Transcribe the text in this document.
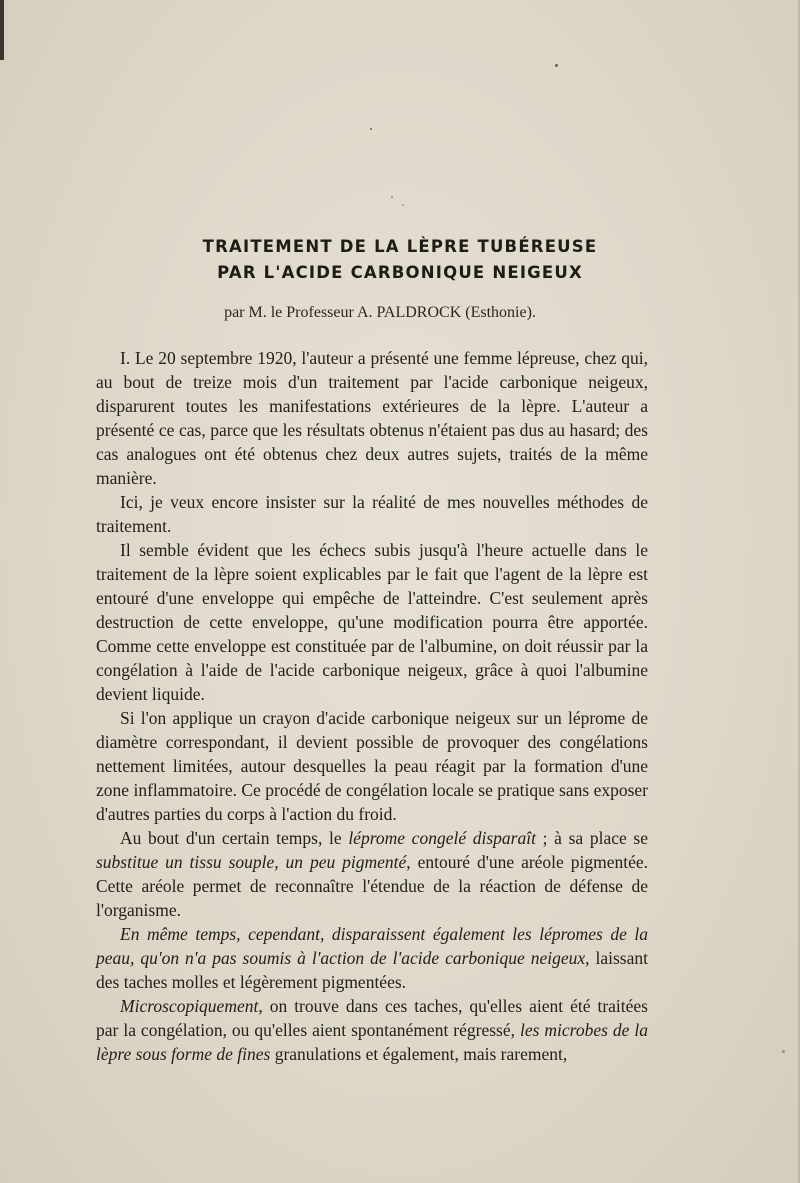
TRAITEMENT DE LA LÈPRE TUBÉREUSE
PAR L'ACIDE CARBONIQUE NEIGEUX
par M. le Professeur A. PALDROCK (Esthonie).

I. Le 20 septembre 1920, l'auteur a présenté une femme lépreuse, chez qui, au bout de treize mois d'un traitement par l'acide carbonique neigeux, disparurent toutes les manifestations extérieures de la lèpre. L'auteur a présenté ce cas, parce que les résultats obtenus n'étaient pas dus au hasard; des cas analogues ont été obtenus chez deux autres sujets, traités de la même manière.

Ici, je veux encore insister sur la réalité de mes nouvelles méthodes de traitement.

Il semble évident que les échecs subis jusqu'à l'heure actuelle dans le traitement de la lèpre soient explicables par le fait que l'agent de la lèpre est entouré d'une enveloppe qui empêche de l'atteindre. C'est seulement après destruction de cette enveloppe, qu'une modification pourra être apportée. Comme cette enveloppe est constituée par de l'albumine, on doit réussir par la congélation à l'aide de l'acide carbonique neigeux, grâce à quoi l'albumine devient liquide.

Si l'on applique un crayon d'acide carbonique neigeux sur un léprome de diamètre correspondant, il devient possible de provoquer des congélations nettement limitées, autour desquelles la peau réagit par la formation d'une zone inflammatoire. Ce procédé de congélation locale se pratique sans exposer d'autres parties du corps à l'action du froid.

Au bout d'un certain temps, le léprome congelé disparaît ; à sa place se substitue un tissu souple, un peu pigmenté, entouré d'une aréole pigmentée. Cette aréole permet de reconnaître l'étendue de la réaction de défense de l'organisme.

En même temps, cependant, disparaissent également les lépromes de la peau, qu'on n'a pas soumis à l'action de l'acide carbonique neigeux, laissant des taches molles et légèrement pigmentées.

Microscopiquement, on trouve dans ces taches, qu'elles aient été traitées par la congélation, ou qu'elles aient spontanément régressé, les microbes de la lèpre sous forme de fines granulations et également, mais rarement,
